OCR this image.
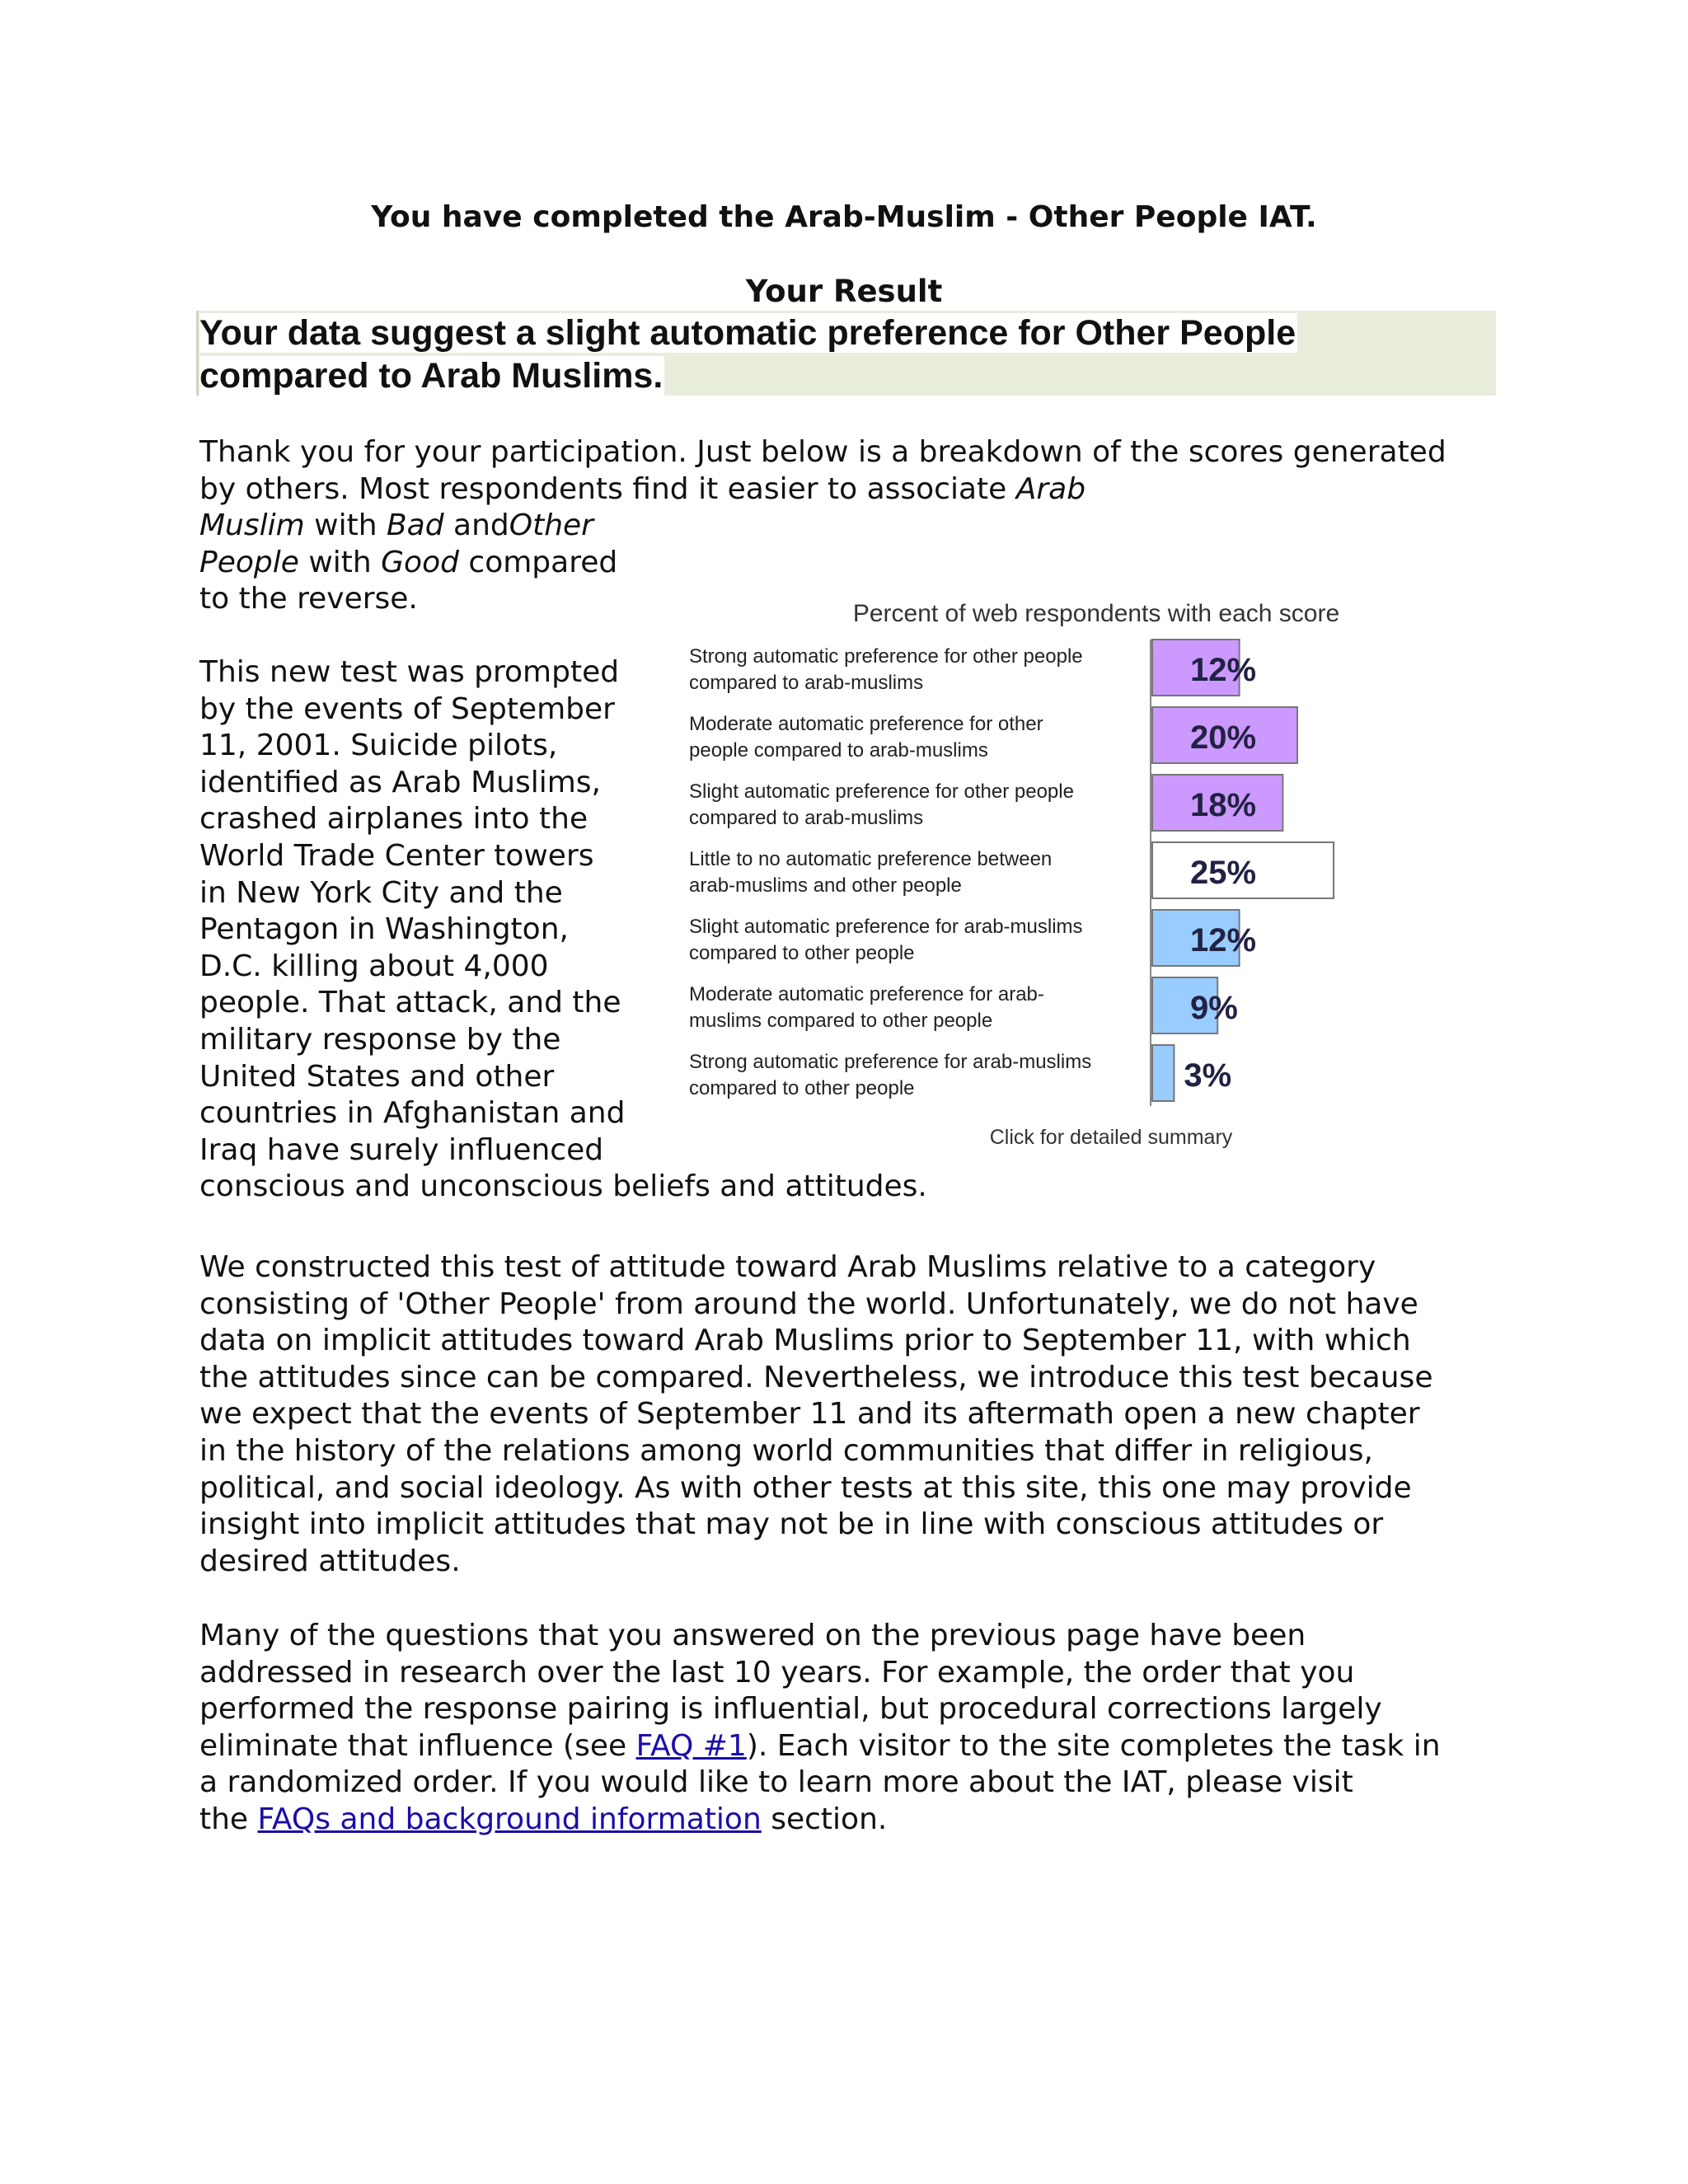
You have completed the Arab-Muslim - Other People IAT.
Your Result

Your data suggest a slight automatic preference for Other People
compared to Arab Muslims.

Thank you for your participation. Just below is a breakdown of the scores generated
by others. Most respondents find it easier to associate Arab
Muslim with Bad andOther
People with Good compared
to the reverse.

This new test was prompted
by the events of September
11, 2001. Suicide pilots,
identified as Arab Muslims,
crashed airplanes into the
World Trade Center towers
in New York City and the
Pentagon in Washington,
D.C. killing about 4,000
people. That attack, and the
military response by the
United States and other
countries in Afghanistan and
Iraq have surely influenced
conscious and unconscious beliefs and attitudes.

Percent of web respondents with each score
Strong automatic preference for other people
compared to arab-muslims	12%
Moderate automatic preference for other
people compared to arab-muslims	20%
Slight automatic preference for other people
compared to arab-muslims	18%
Little to no automatic preference between
arab-muslims and other people	25%
Slight automatic preference for arab-muslims
compared to other people	12%
Moderate automatic preference for arab-
muslims compared to other people	9%
Strong automatic preference for arab-muslims
compared to other people	3%
Click for detailed summary

We constructed this test of attitude toward Arab Muslims relative to a category
consisting of 'Other People' from around the world. Unfortunately, we do not have
data on implicit attitudes toward Arab Muslims prior to September 11, with which
the attitudes since can be compared. Nevertheless, we introduce this test because
we expect that the events of September 11 and its aftermath open a new chapter
in the history of the relations among world communities that differ in religious,
political, and social ideology. As with other tests at this site, this one may provide
insight into implicit attitudes that may not be in line with conscious attitudes or
desired attitudes.

Many of the questions that you answered on the previous page have been
addressed in research over the last 10 years. For example, the order that you
performed the response pairing is influential, but procedural corrections largely
eliminate that influence (see FAQ #1). Each visitor to the site completes the task in
a randomized order. If you would like to learn more about the IAT, please visit
the FAQs and background information section.
